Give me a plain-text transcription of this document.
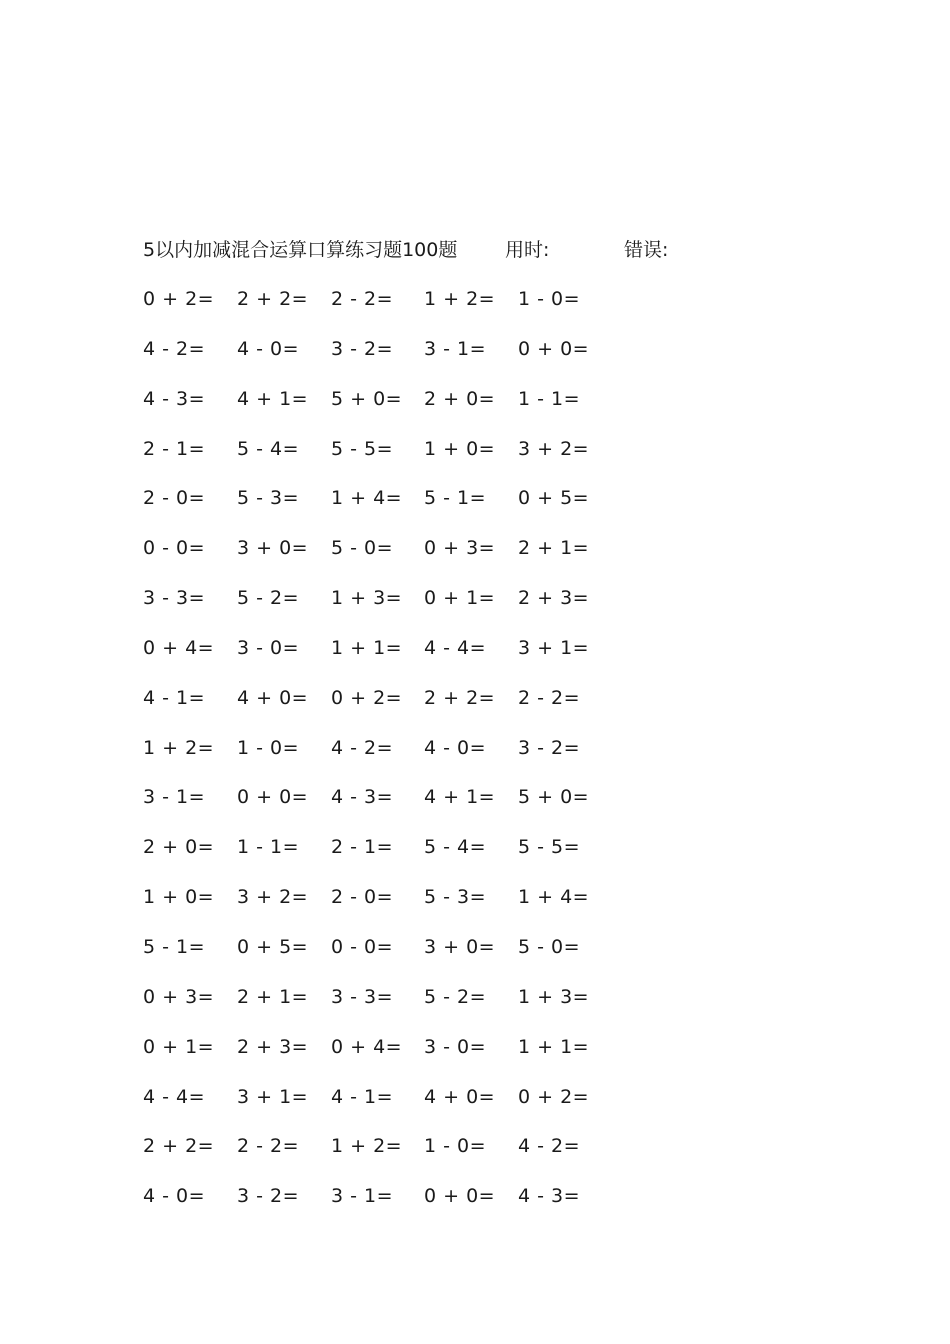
5以内加减混合运算口算练习题100题	用时:	错误:
0 + 2= 2 + 2= 2 - 2= 1 + 2= 1 - 0=
4 - 2= 4 - 0= 3 - 2= 3 - 1= 0 + 0=
4 - 3= 4 + 1= 5 + 0= 2 + 0= 1 - 1=
2 - 1= 5 - 4= 5 - 5= 1 + 0= 3 + 2=
2 - 0= 5 - 3= 1 + 4= 5 - 1= 0 + 5=
0 - 0= 3 + 0= 5 - 0= 0 + 3= 2 + 1=
3 - 3= 5 - 2= 1 + 3= 0 + 1= 2 + 3=
0 + 4= 3 - 0= 1 + 1= 4 - 4= 3 + 1=
4 - 1= 4 + 0= 0 + 2= 2 + 2= 2 - 2=
1 + 2= 1 - 0= 4 - 2= 4 - 0= 3 - 2=
3 - 1= 0 + 0= 4 - 3= 4 + 1= 5 + 0=
2 + 0= 1 - 1= 2 - 1= 5 - 4= 5 - 5=
1 + 0= 3 + 2= 2 - 0= 5 - 3= 1 + 4=
5 - 1= 0 + 5= 0 - 0= 3 + 0= 5 - 0=
0 + 3= 2 + 1= 3 - 3= 5 - 2= 1 + 3=
0 + 1= 2 + 3= 0 + 4= 3 - 0= 1 + 1=
4 - 4= 3 + 1= 4 - 1= 4 + 0= 0 + 2=
2 + 2= 2 - 2= 1 + 2= 1 - 0= 4 - 2=
4 - 0= 3 - 2= 3 - 1= 0 + 0= 4 - 3=
